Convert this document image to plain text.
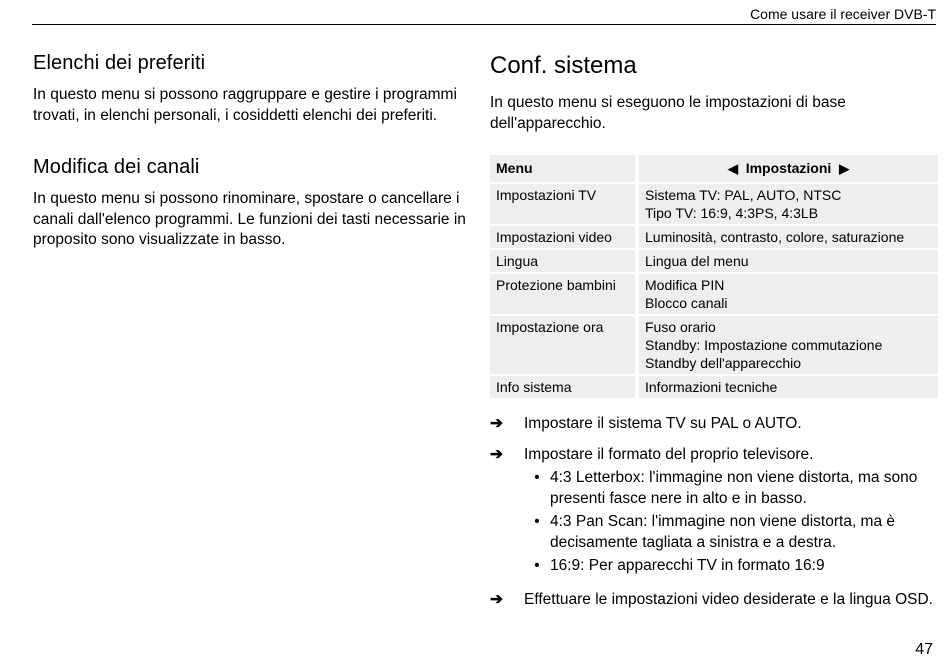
Come usare il receiver DVB-T
Elenchi dei preferiti

In questo menu si possono raggruppare e gestire i programmi trovati, in elenchi personali, i cosiddetti elenchi dei preferiti.

Modifica dei canali

In questo menu si possono rinominare, spostare o cancellare i canali dall'elenco programmi. Le funzioni dei tasti necessarie in proposito sono visualizzate in basso.

Conf. sistema

In questo menu si eseguono le impostazioni di base dell'apparecchio.

Menu	◀ Impostazioni ▶

Impostazioni TV	Sistema TV: PAL, AUTO, NTSC
Tipo TV: 16:9, 4:3PS, 4:3LB

Impostazioni video	Luminosità, contrasto, colore, saturazione

Lingua	Lingua del menu

Protezione bambini	Modifica PIN
Blocco canali

Impostazione ora	Fuso orario
Standby: Impostazione commutazione
Standby dell'apparecchio

Info sistema	Informazioni tecniche
➔	Impostare il sistema TV su PAL o AUTO.
➔	Impostare il formato del proprio televisore.
• 4:3 Letterbox: l'immagine non viene distorta, ma sono presenti fasce nere in alto e in basso.
• 4:3 Pan Scan: l'immagine non viene distorta, ma è decisamente tagliata a sinistra e a destra.
• 16:9: Per apparecchi TV in formato 16:9
➔	Effettuare le impostazioni video desiderate e la lingua OSD.
47
